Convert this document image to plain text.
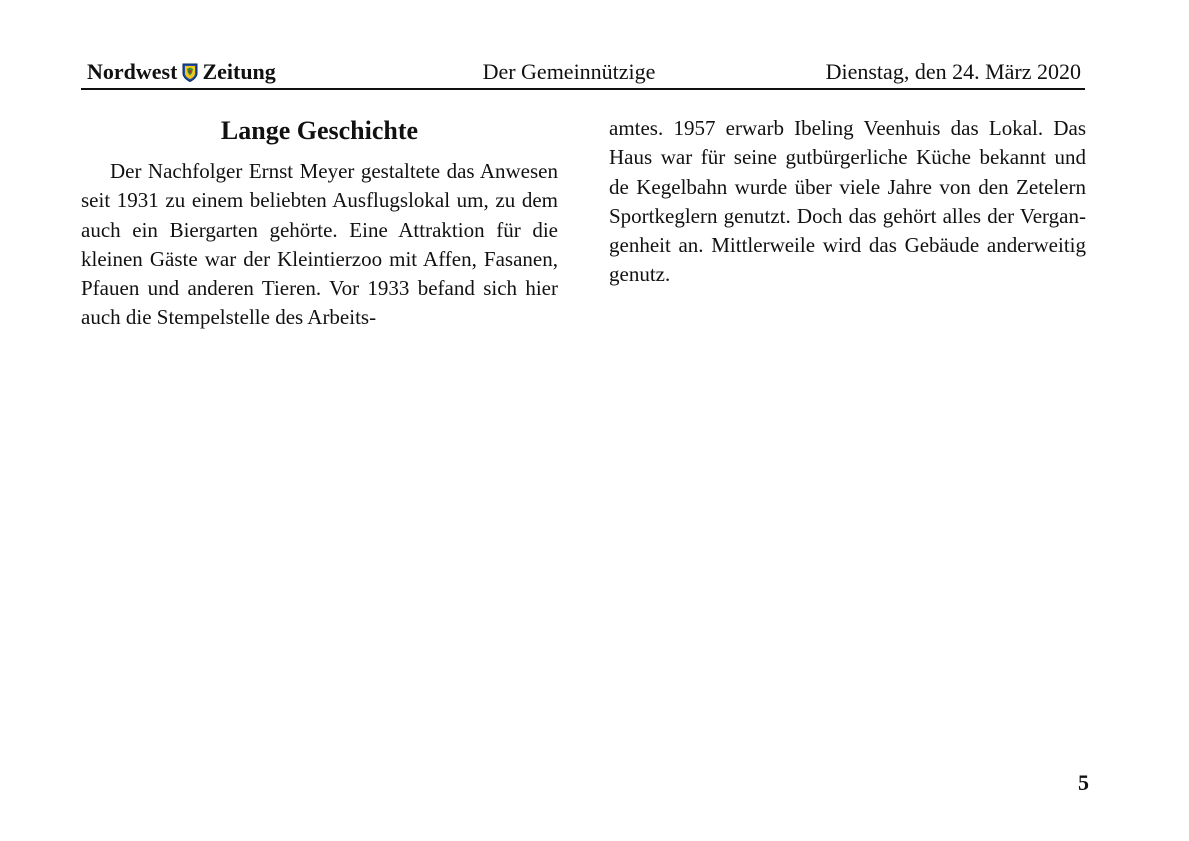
Nordwest Zeitung	Der Gemeinnützige	Dienstag, den 24. März 2020
Lange Geschichte

Der Nachfolger Ernst Meyer gestaltete das Anwesen seit 1931 zu einem beliebten Ausflugslokal um, zu dem auch ein Biergarten gehörte. Eine Attraktion für die kleinen Gäste war der Kleintierzoo mit Affen, Fasanen, Pfauen und anderen Tieren. Vor 1933 befand sich hier auch die Stempelstelle des Arbeits-

amtes. 1957 erwarb Ibeling Veenhuis das Lokal. Das Haus war für seine gutbürgerliche Küche bekannt und de Kegelbahn wurde über viele Jahre von den Zetelern Sportkeglern genutzt. Doch das gehört alles der Vergangenheit an. Mittlerweile wird das Gebäude anderweitig genutz.

5
